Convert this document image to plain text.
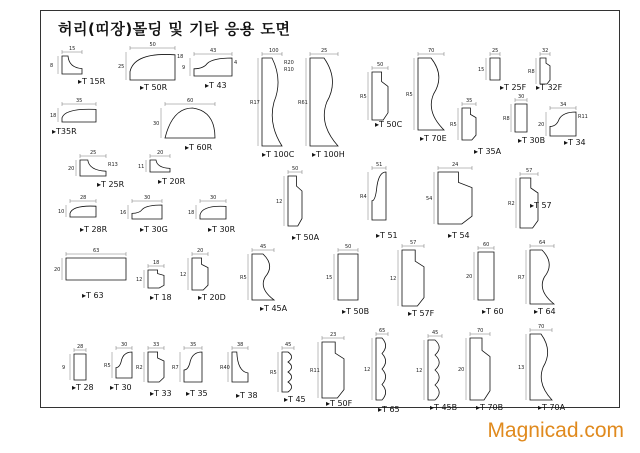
허리(띠장)몰딩 및 기타 응용 도면
15
8
▸T 15R
50
25
18
▸T 50R
43
9
4
▸T 43
35
18
▸T35R
60
30
▸T 60R
100
R17
R20
R10
▸T 100C
25
R61
▸T 100H
50
R5
▸T 50C
70
R5
▸T 70E
25
15
▸T 25F
32
R8
▸T 32F
35
R5
▸T 35A
30
R8
▸T 30B
34
20
R11
▸T 34
25
20
R13
▸T 25R
20
11
▸T 20R
28
10
▸T 28R
30
16
▸T 30G
30
18
▸T 30R
50
12
▸T 50A
51
R4
▸T 51
24
54
▸T 54
57
R2 ▸T 57
63
20
▸T 63
18
12
▸T 18
20
12
▸T 20D
45
R5
▸T 45A
50
15
▸T 50B
57
12
▸T 57F
60
20
▸T 60
64
R7
▸T 64
28
9
▸T 28
30
R5
▸T 30
33
R2
▸T 33
35
R7
▸T 35
38
R40
▸T 38
45
R5
▸T 45
23
R11
▸T 50F
65
12
▸T 65
45
12
▸T 45B
70
20
▸T 70B
70
13
▸T 70A
Magnicad.com
